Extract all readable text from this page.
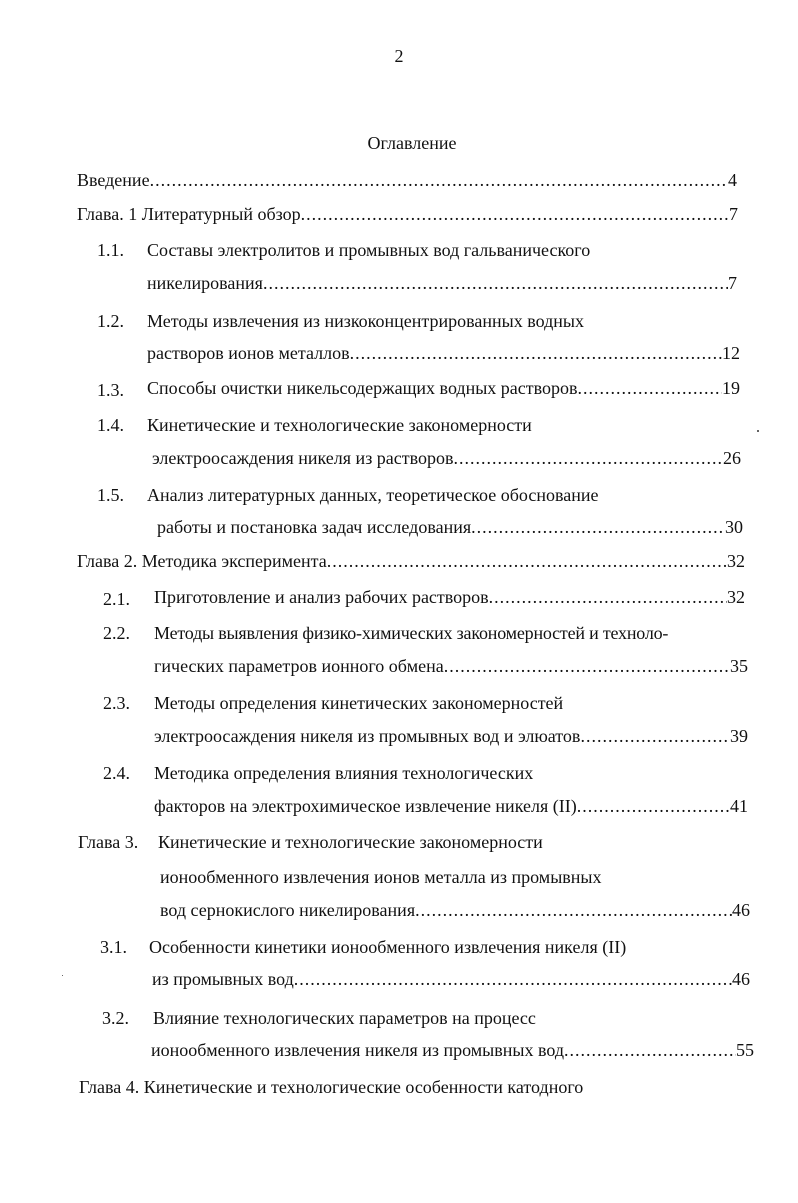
2
Оглавление
Введение .....	4
Глава. 1 Литературный обзор .....	7
1.1. Составы электролитов и промывных вод гальванического
никелирования .....	7
1.2. Методы извлечения из низкоконцентрированных водных
растворов ионов металлов .....	12
1.3. Способы очистки никельсодержащих водных растворов .....	19
1.4. Кинетические и технологические закономерности
электроосаждения никеля из растворов .....	26
1.5. Анализ литературных данных, теоретическое обоснование
работы и постановка задач исследования .....	30
Глава 2. Методика эксперимента .....	32
2.1. Приготовление и анализ рабочих растворов .....	32
2.2. Методы выявления физико-химических закономерностей и техноло-
гических параметров ионного обмена .....	35
2.3. Методы определения кинетических закономерностей
электроосаждения никеля из промывных вод и элюатов .....	39
2.4. Методика определения влияния технологических
факторов на электрохимическое извлечение никеля (II) .....	41
Глава 3. Кинетические и технологические закономерности
ионообменного извлечения ионов металла из промывных
вод сернокислого никелирования .....	46
3.1. Особенности кинетики ионообменного извлечения никеля (II)
из промывных вод .....	46
3.2. Влияние технологических параметров на процесс
ионообменного извлечения никеля из промывных вод .....	55
Глава 4. Кинетические и технологические особенности катодного
